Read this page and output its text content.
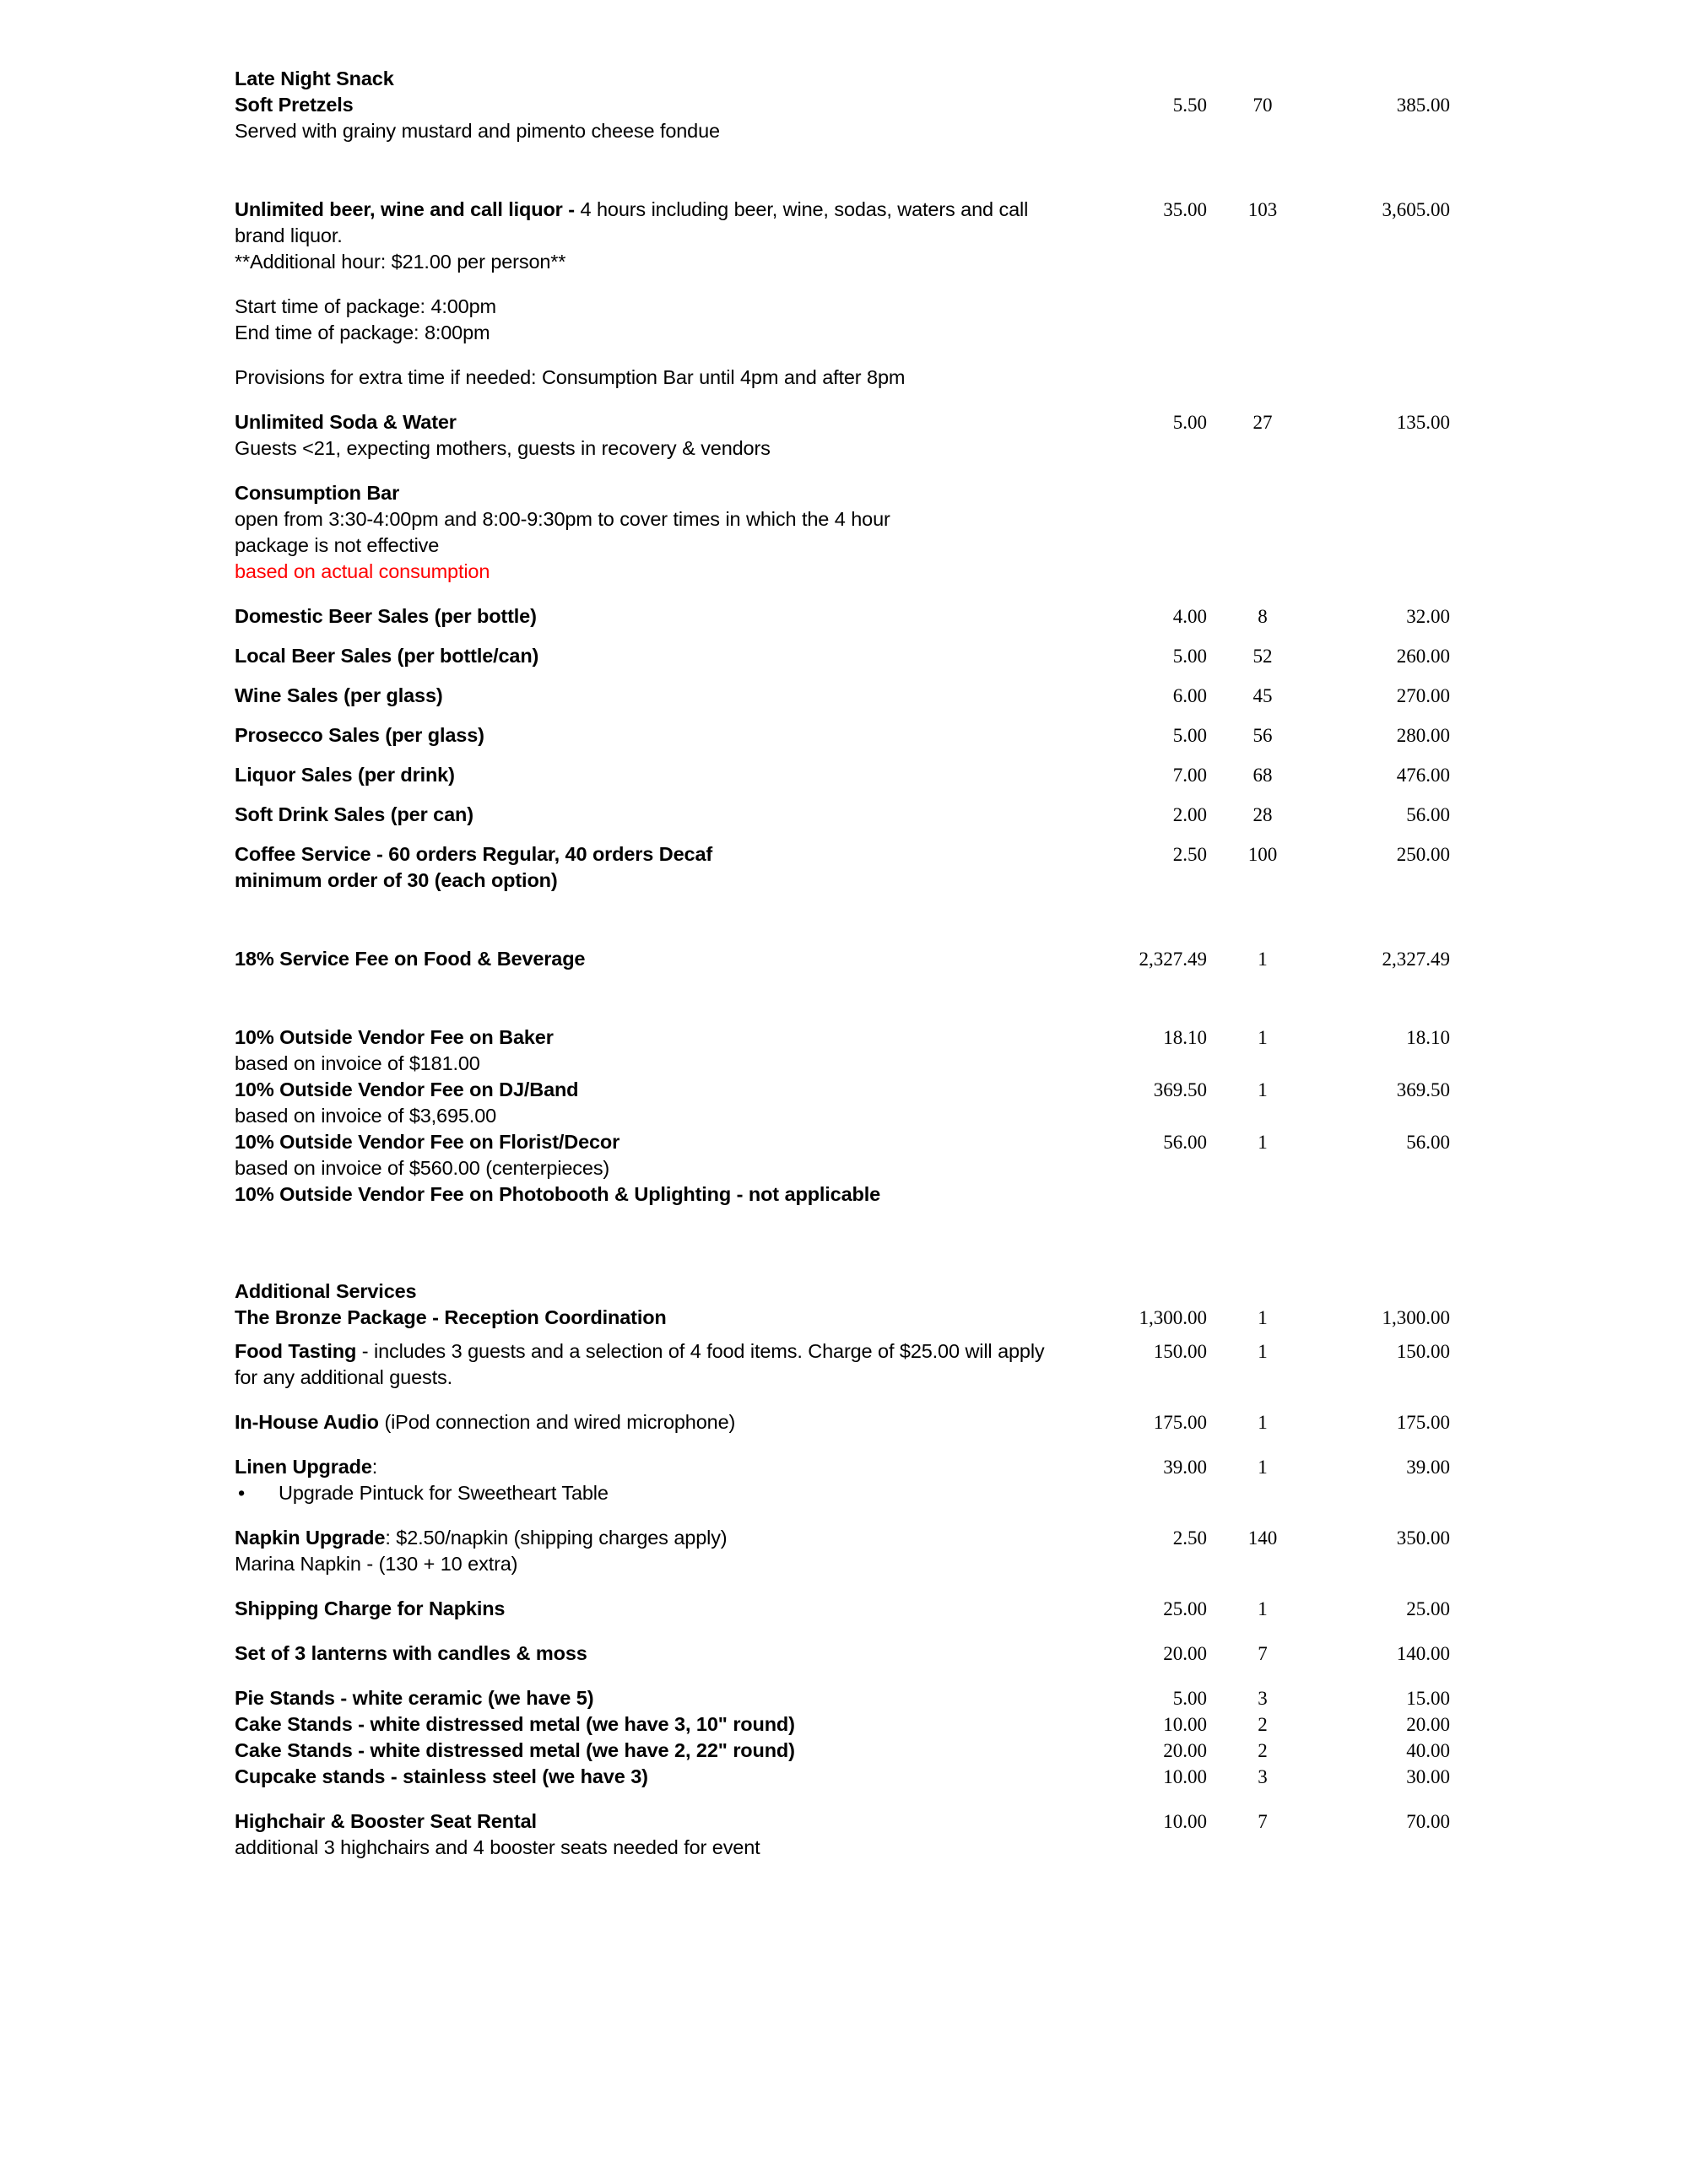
Late Night Snack
Soft Pretzels
Served with grainy mustard and pimento cheese fondue
5.50	70	385.00
Unlimited beer, wine and call liquor - 4 hours including beer, wine, sodas, waters and call brand liquor.
**Additional hour: $21.00 per person**
35.00	103	3,605.00
Start time of package: 4:00pm
End time of package: 8:00pm
Provisions for extra time if needed: Consumption Bar until 4pm and after 8pm
Unlimited Soda & Water
Guests <21, expecting mothers, guests in recovery & vendors
5.00	27	135.00
Consumption Bar
open from 3:30-4:00pm and 8:00-9:30pm to cover times in which the 4 hour
package is not effective
based on actual consumption
Domestic Beer Sales (per bottle)	4.00	8	32.00
Local Beer Sales (per bottle/can)	5.00	52	260.00
Wine Sales (per glass)	6.00	45	270.00
Prosecco Sales (per glass)	5.00	56	280.00
Liquor Sales (per drink)	7.00	68	476.00
Soft Drink Sales (per can)	2.00	28	56.00
Coffee Service - 60 orders Regular, 40 orders Decaf
minimum order of 30 (each option)
2.50	100	250.00
18% Service Fee on Food & Beverage	2,327.49	1	2,327.49
10% Outside Vendor Fee on Baker
based on invoice of $181.00
18.10	1	18.10
10% Outside Vendor Fee on DJ/Band
based on invoice of $3,695.00
369.50	1	369.50
10% Outside Vendor Fee on Florist/Decor
based on invoice of $560.00 (centerpieces)
56.00	1	56.00
10% Outside Vendor Fee on Photobooth & Uplighting - not applicable
Additional Services
The Bronze Package - Reception Coordination	1,300.00	1	1,300.00
Food Tasting - includes 3 guests and a selection of 4 food items. Charge of $25.00 will apply for any additional guests.
150.00	1	150.00
In-House Audio (iPod connection and wired microphone)	175.00	1	175.00
Linen Upgrade:

• Upgrade Pintuck for Sweetheart Table
39.00	1	39.00
Napkin Upgrade: $2.50/napkin (shipping charges apply)
Marina Napkin - (130 + 10 extra)
2.50	140	350.00
Shipping Charge for Napkins	25.00	1	25.00
Set of 3 lanterns with candles & moss	20.00	7	140.00
Pie Stands - white ceramic (we have 5)	5.00	3	15.00
Cake Stands - white distressed metal (we have 3, 10" round)	10.00	2	20.00
Cake Stands - white distressed metal (we have 2, 22" round)	20.00	2	40.00
Cupcake stands - stainless steel (we have 3)	10.00	3	30.00
Highchair & Booster Seat Rental
additional 3 highchairs and 4 booster seats needed for event
10.00	7	70.00
